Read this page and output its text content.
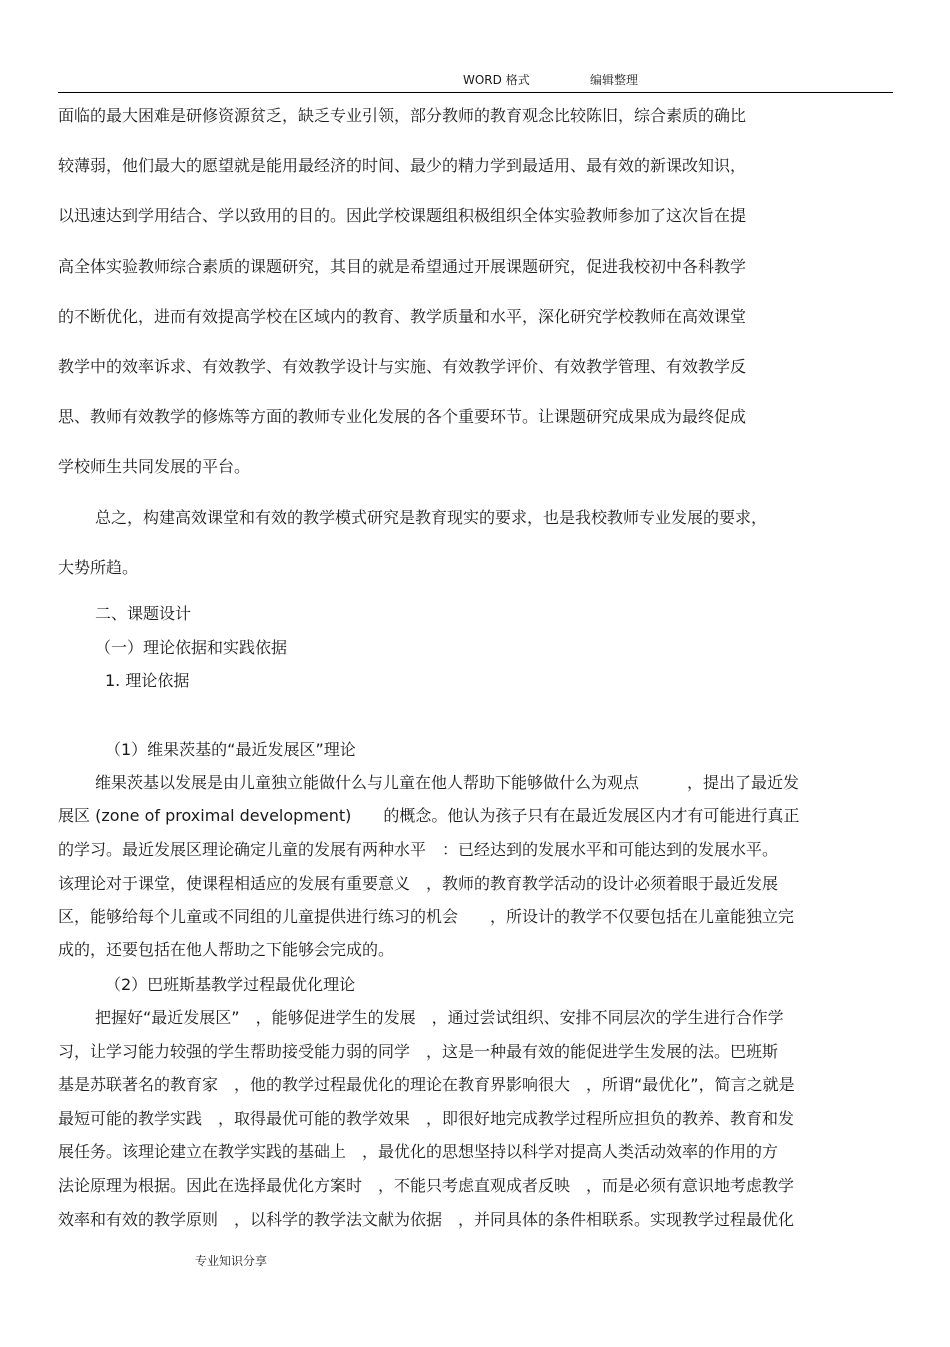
WORD 格式	编辑整理
面临的最大困难是研修资源贫乏，缺乏专业引领，部分教师的教育观念比较陈旧，综合素质的确比
较薄弱，他们最大的愿望就是能用最经济的时间、最少的精力学到最适用、最有效的新课改知识，
以迅速达到学用结合、学以致用的目的。因此学校课题组积极组织全体实验教师参加了这次旨在提
高全体实验教师综合素质的课题研究，其目的就是希望通过开展课题研究，促进我校初中各科教学
的不断优化，进而有效提高学校在区域内的教育、教学质量和水平，深化研究学校教师在高效课堂
教学中的效率诉求、有效教学、有效教学设计与实施、有效教学评价、有效教学管理、有效教学反
思、教师有效教学的修炼等方面的教师专业化发展的各个重要环节。让课题研究成果成为最终促成
学校师生共同发展的平台。
总之，构建高效课堂和有效的教学模式研究是教育现实的要求，也是我校教师专业发展的要求，
大势所趋。
二、课题设计
（一）理论依据和实践依据
1. 理论依据
（1）维果茨基的“最近发展区”理论
维果茨基以发展是由儿童独立能做什么与儿童在他人帮助下能够做什么为观点　　　，提出了最近发
展区 (zone of proximal development)　　的概念。他认为孩子只有在最近发展区内才有可能进行真正
的学习。最近发展区理论确定儿童的发展有两种水平　：已经达到的发展水平和可能达到的发展水平。
该理论对于课堂，使课程相适应的发展有重要意义　，教师的教育教学活动的设计必须着眼于最近发展
区，能够给每个儿童或不同组的儿童提供进行练习的机会　　，所设计的教学不仅要包括在儿童能独立完
成的，还要包括在他人帮助之下能够会完成的。
（2）巴班斯基教学过程最优化理论
把握好“最近发展区”　，能够促进学生的发展　，通过尝试组织、安排不同层次的学生进行合作学
习，让学习能力较强的学生帮助接受能力弱的同学　，这是一种最有效的能促进学生发展的法。巴班斯
基是苏联著名的教育家　，他的教学过程最优化的理论在教育界影响很大　，所谓“最优化”，简言之就是
最短可能的教学实践　，取得最优可能的教学效果　，即很好地完成教学过程所应担负的教养、教育和发
展任务。该理论建立在教学实践的基础上　，最优化的思想坚持以科学对提高人类活动效率的作用的方
法论原理为根据。因此在选择最优化方案时　，不能只考虑直观成者反映　，而是必须有意识地考虑教学
效率和有效的教学原则　，以科学的教学法文献为依据　，并同具体的条件相联系。实现教学过程最优化
专业知识分享
